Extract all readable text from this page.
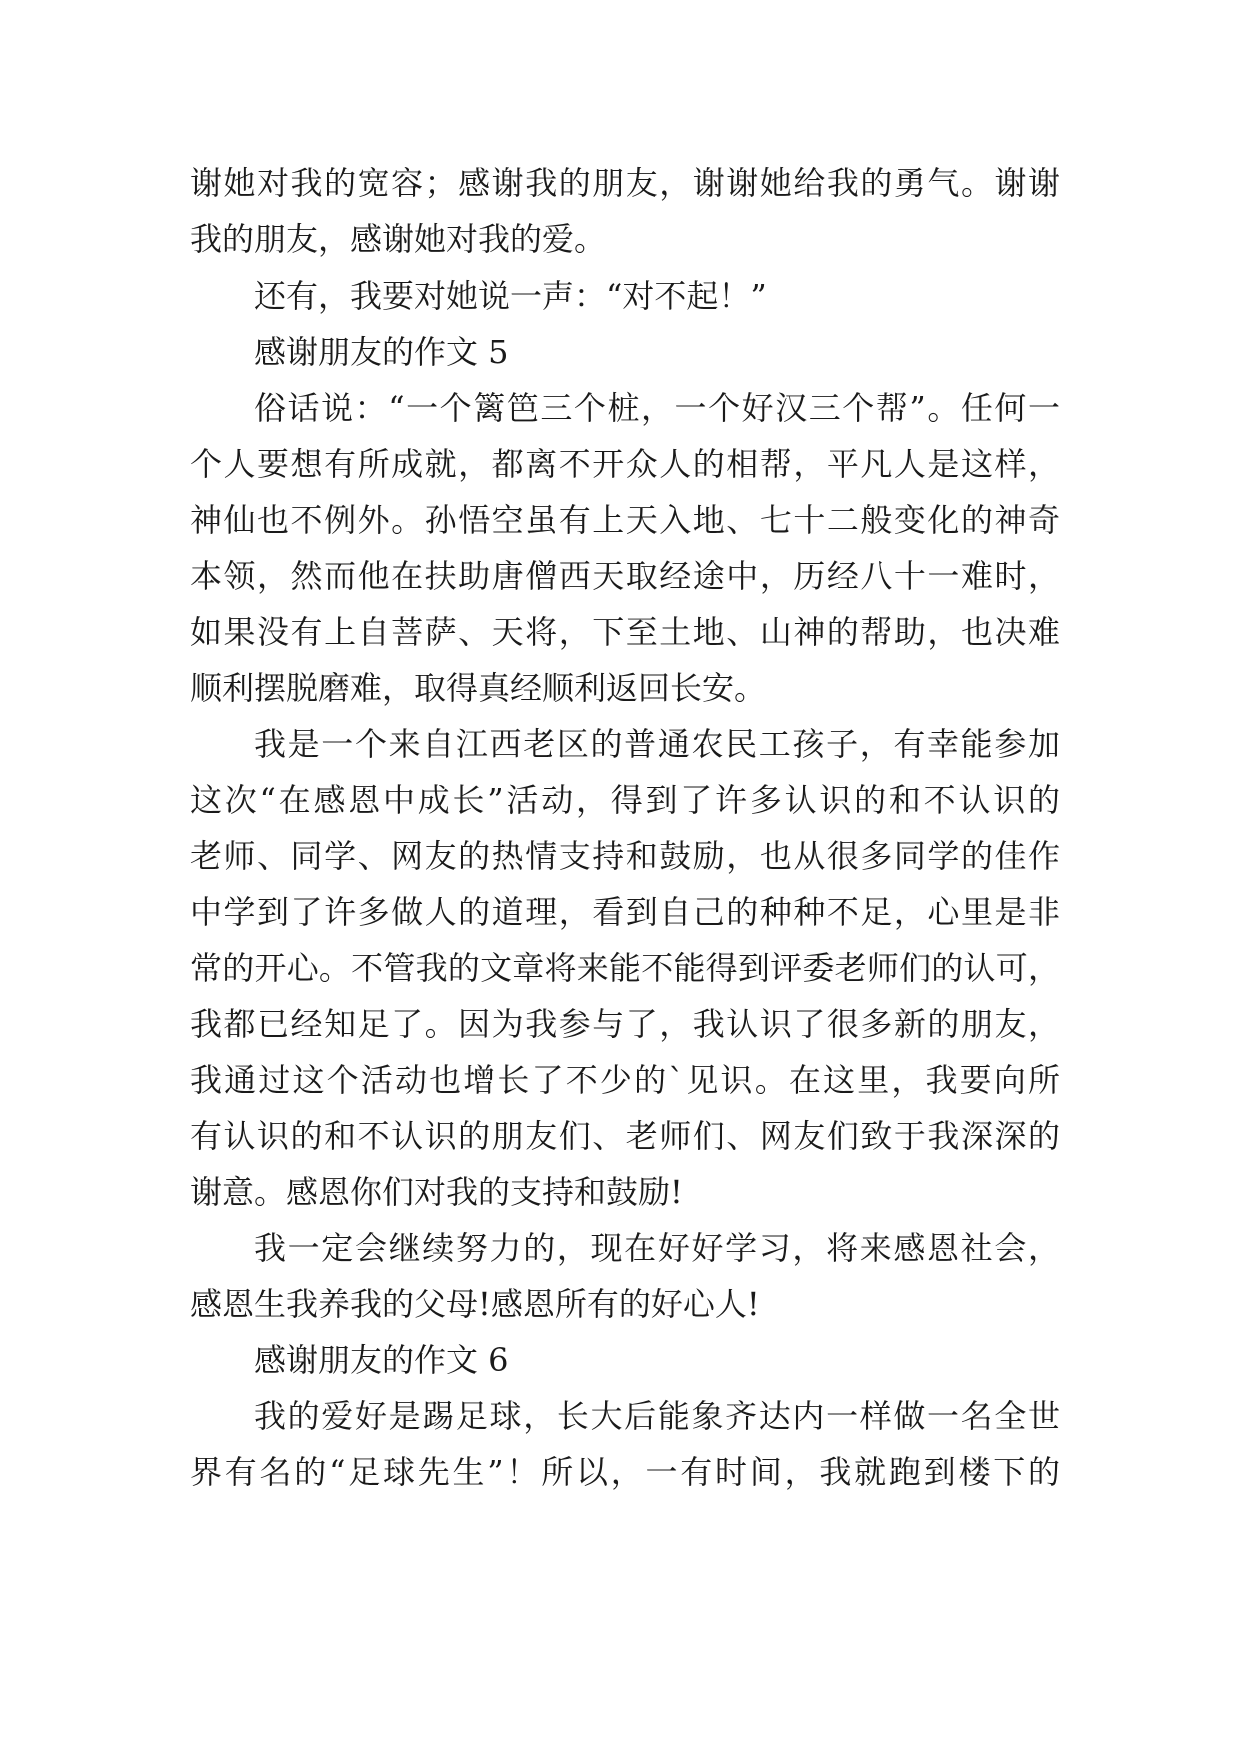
谢她对我的宽容；感谢我的朋友，谢谢她给我的勇气。谢谢
我的朋友，感谢她对我的爱。
还有，我要对她说一声：“对不起！”
感谢朋友的作文 5
俗话说：“一个篱笆三个桩，一个好汉三个帮”。任何一
个人要想有所成就，都离不开众人的相帮，平凡人是这样，
神仙也不例外。孙悟空虽有上天入地、七十二般变化的神奇
本领，然而他在扶助唐僧西天取经途中，历经八十一难时，
如果没有上自菩萨、天将，下至土地、山神的帮助，也决难
顺利摆脱磨难，取得真经顺利返回长安。
我是一个来自江西老区的普通农民工孩子，有幸能参加
这次“在感恩中成长”活动，得到了许多认识的和不认识的
老师、同学、网友的热情支持和鼓励，也从很多同学的佳作
中学到了许多做人的道理，看到自己的种种不足，心里是非
常的开心。不管我的文章将来能不能得到评委老师们的认可，
我都已经知足了。因为我参与了，我认识了很多新的朋友，
我通过这个活动也增长了不少的`见识。在这里，我要向所
有认识的和不认识的朋友们、老师们、网友们致于我深深的
谢意。感恩你们对我的支持和鼓励!
我一定会继续努力的，现在好好学习，将来感恩社会，
感恩生我养我的父母!感恩所有的好心人!
感谢朋友的作文 6
我的爱好是踢足球，长大后能象齐达内一样做一名全世
界有名的“足球先生”！所以，一有时间，我就跑到楼下的
